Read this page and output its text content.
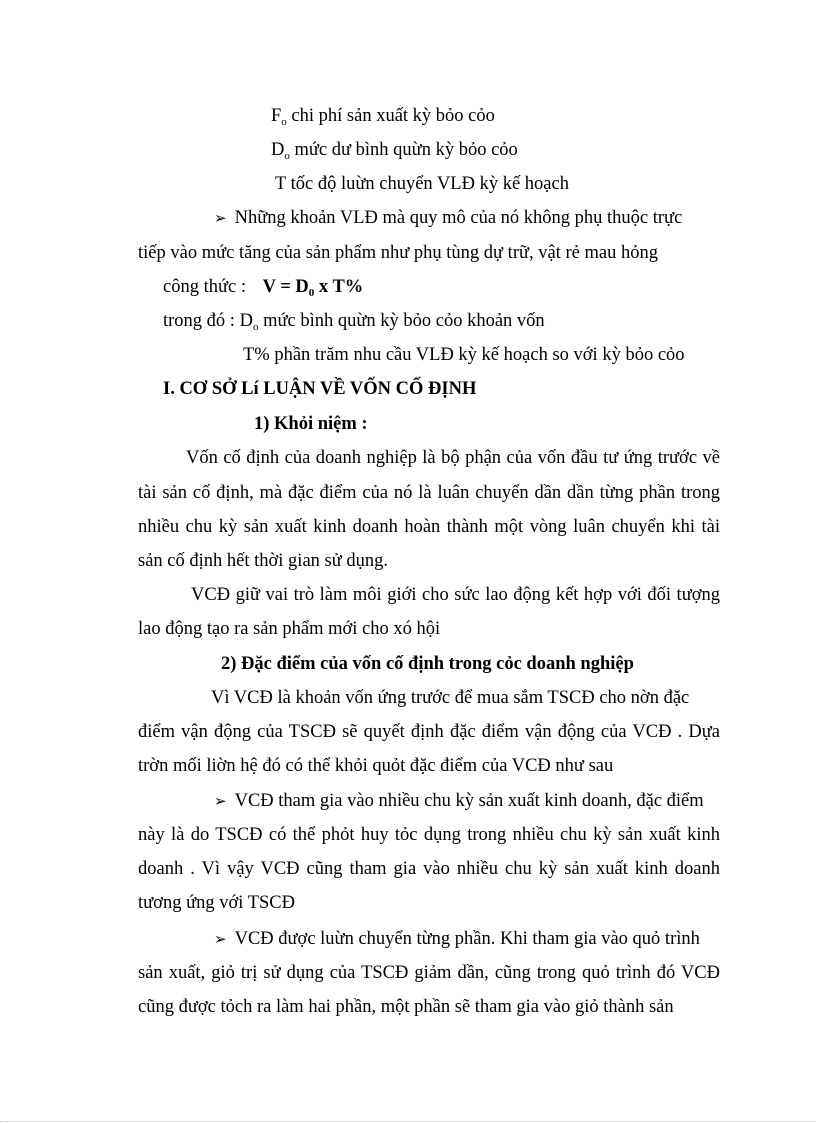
$F_o$ chi phí sản xuất kỳ bỏo cỏo
$D_o$ mức dư bình quừn kỳ bỏo cỏo
T tốc độ luừn chuyển VLĐ kỳ kế hoạch
➢ Những khoản VLĐ mà quy mô của nó không phụ thuộc trực
tiếp vào mức tăng của sản phẩm như phụ tùng dự trữ, vật rẻ mau hỏng
công thức : $V = D_0$ x T%
trong đó : $D_o$ mức bình quừn kỳ bỏo cỏo khoản vốn
T% phần trăm nhu cầu VLĐ kỳ kế hoạch so với kỳ bỏo cỏo
I. CƠ SỞ Lí LUẬN VỀ VỐN CỐ ĐỊNH
1) Khỏi niệm :
Vốn cố định của doanh nghiệp là bộ phận của vốn đầu tư ứng trước về
tài sản cố định, mà đặc điểm của nó là luân chuyển dần dần từng phần trong
nhiều chu kỳ sản xuất kinh doanh hoàn thành một vòng luân chuyển khi tài
sản cố định hết thời gian sử dụng.
VCĐ giữ vai trò làm môi giới cho sức lao động kết hợp với đối tượng
lao động tạo ra sản phẩm mới cho xó hội
2) Đặc điểm của vốn cố định trong cỏc doanh nghiệp
Vì VCĐ là khoản vốn ứng trước để mua sắm TSCĐ cho nờn đặc
điểm vận động của TSCĐ sẽ quyết định đặc điểm vận động của VCĐ . Dựa
trờn mối liờn hệ đó có thể khỏi quỏt đặc điểm của VCĐ như sau
➢ VCĐ tham gia vào nhiều chu kỳ sản xuất kinh doanh, đặc điểm
này là do TSCĐ có thể phỏt huy tỏc dụng trong nhiều chu kỳ sản xuất kinh
doanh . Vì vậy VCĐ cũng tham gia vào nhiều chu kỳ sản xuất kinh doanh
tương ứng với TSCĐ
➢ VCĐ được luừn chuyển từng phần. Khi tham gia vào quỏ trình
sản xuất, giỏ trị sử dụng của TSCĐ giảm dần, cũng trong quỏ trình đó VCĐ
cũng được tỏch ra làm hai phần, một phần sẽ tham gia vào giỏ thành sản
